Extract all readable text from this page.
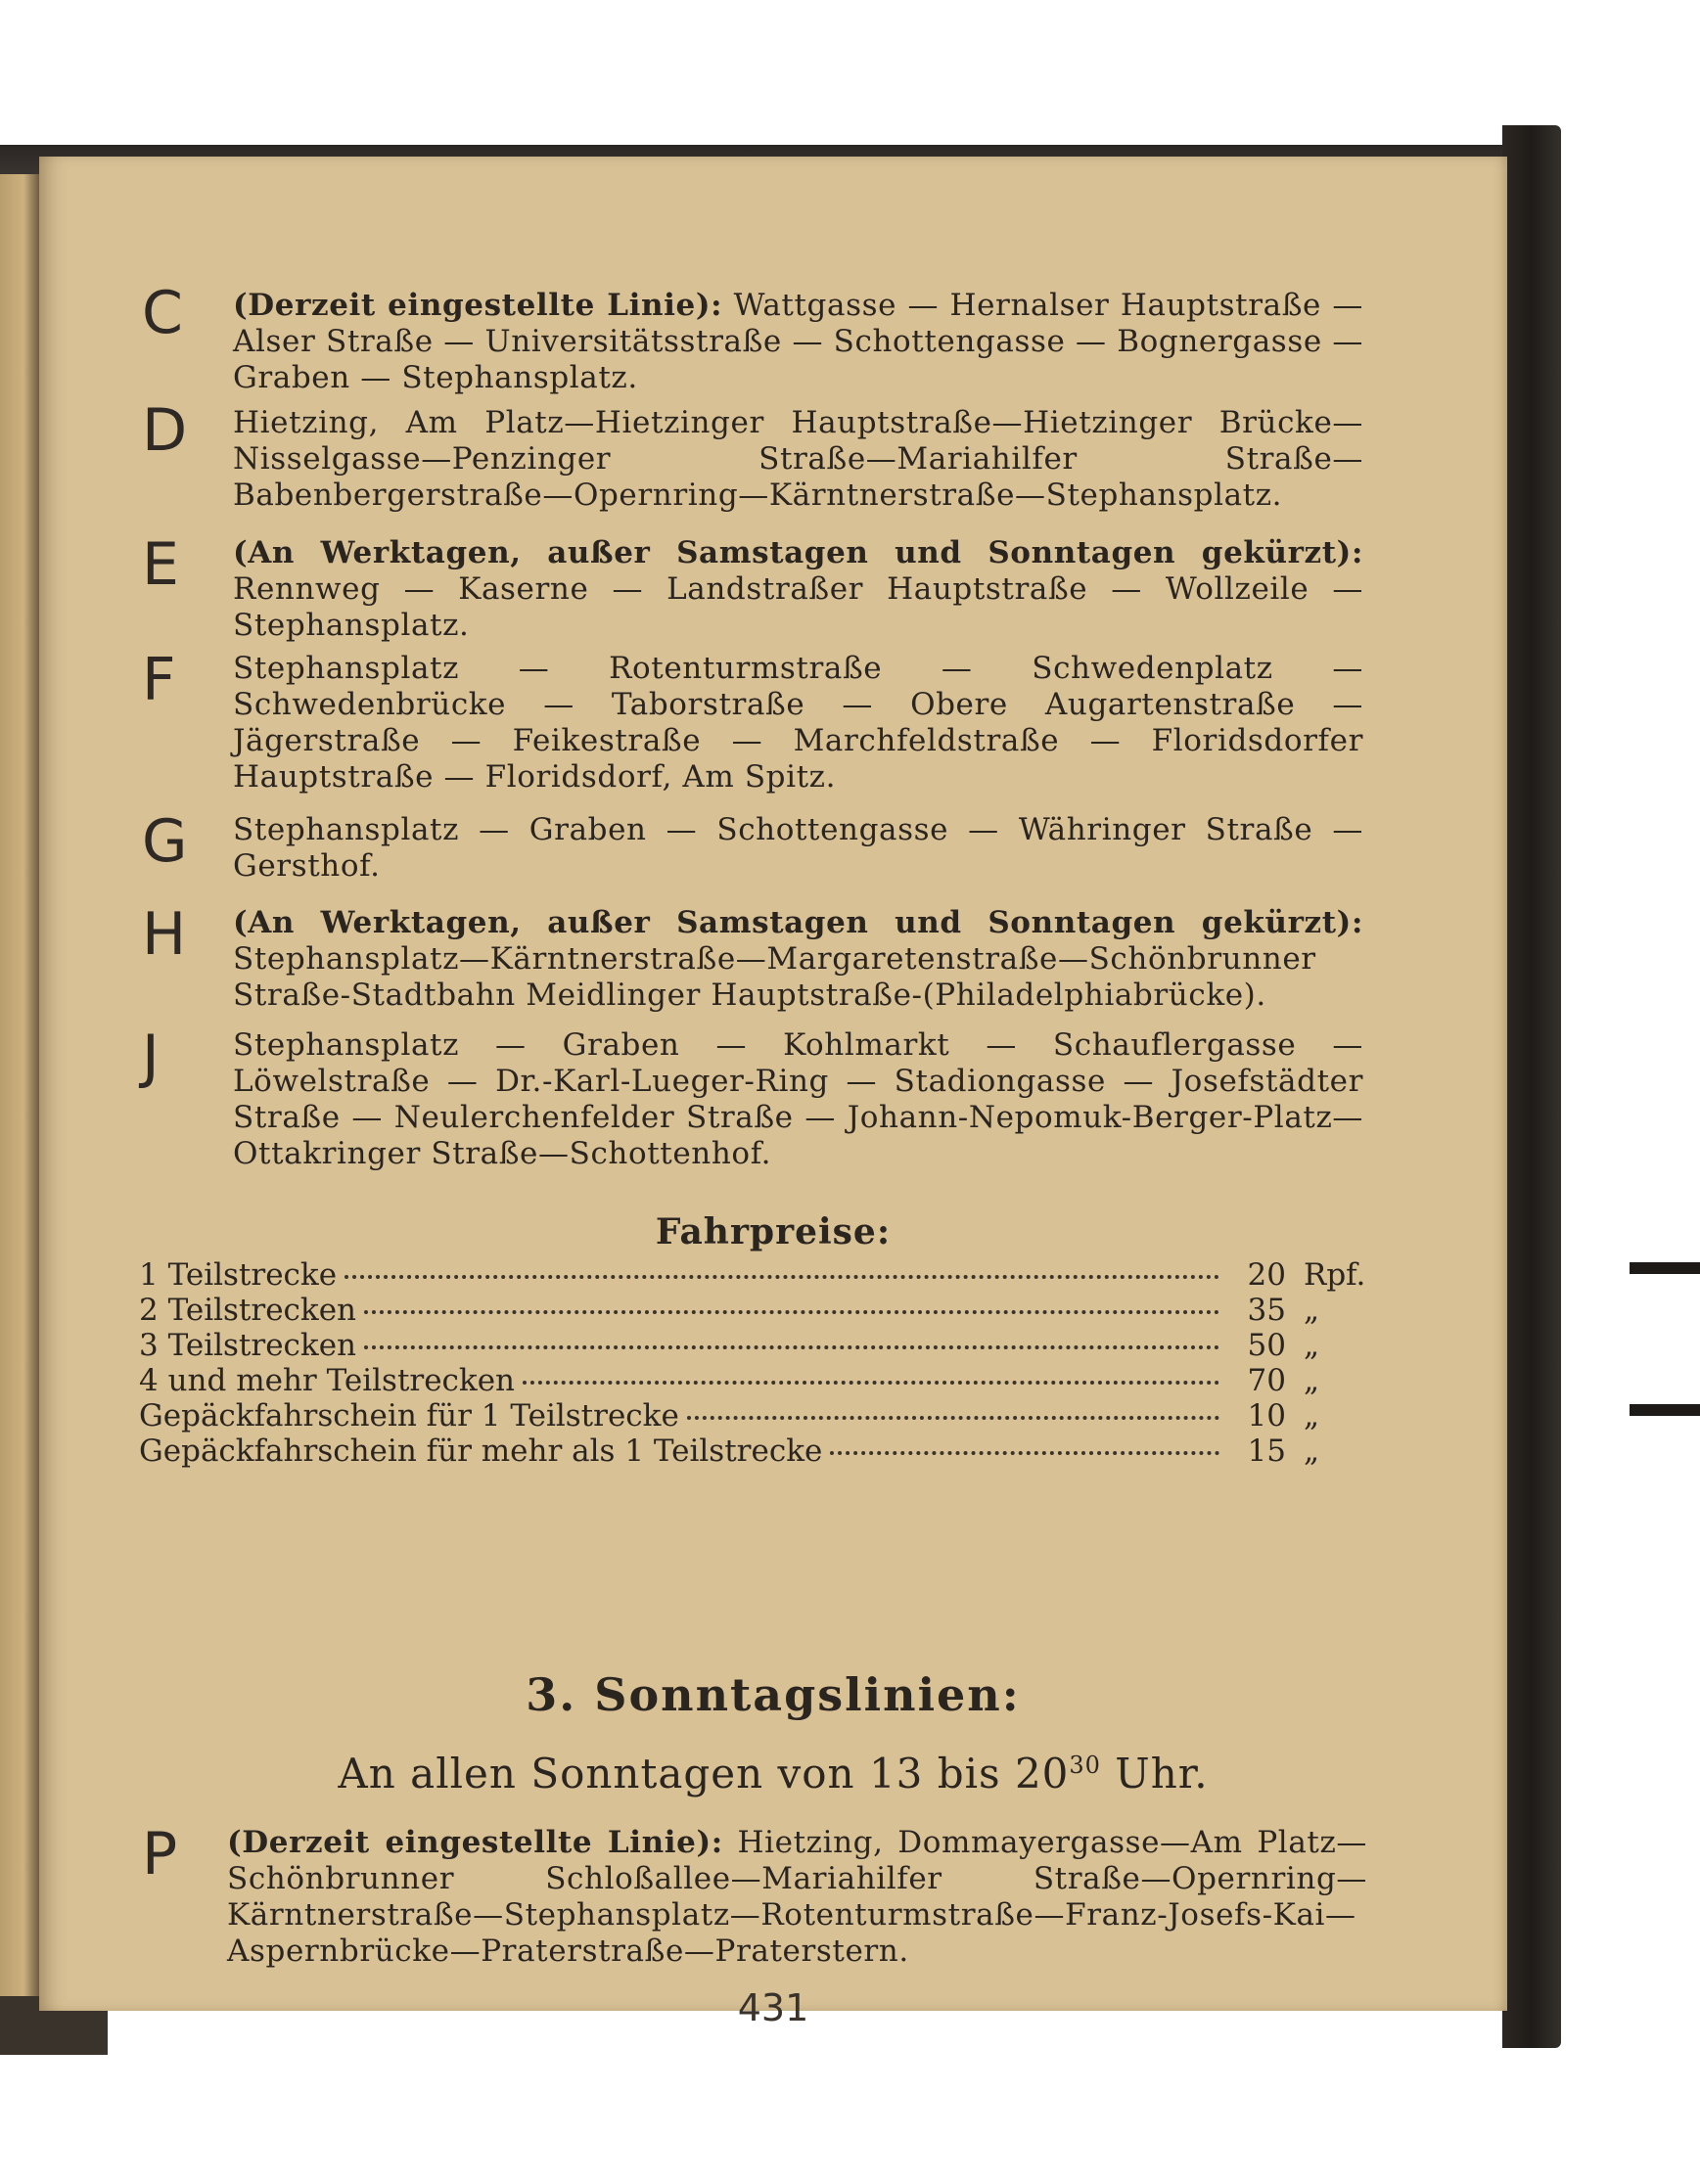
C (Derzeit eingestellte Linie): Wattgasse — Hernalser Hauptstraße — Alser Straße — Universitätsstraße — Schottengasse — Bognergasse — Graben — Stephansplatz.
D Hietzing, Am Platz—Hietzinger Hauptstraße—Hietzinger Brücke—Nisselgasse—Penzinger Straße—Mariahilfer Straße—Babenbergerstraße—Opernring—Kärntnerstraße—Stephansplatz.
E (An Werktagen, außer Samstagen und Sonntagen gekürzt): Rennweg — Kaserne — Landstraßer Hauptstraße — Wollzeile — Stephansplatz.
F Stephansplatz — Rotenturmstraße — Schwedenplatz — Schwedenbrücke — Taborstraße — Obere Augartenstraße — Jägerstraße — Feikestraße — Marchfeldstraße — Floridsdorfer Hauptstraße — Floridsdorf, Am Spitz.
G Stephansplatz — Graben — Schottengasse — Währinger Straße — Gersthof.
H (An Werktagen, außer Samstagen und Sonntagen gekürzt): Stephansplatz—Kärntnerstraße—Margaretenstraße—Schönbrunner Straße-Stadtbahn Meidlinger Hauptstraße-(Philadelphiabrücke).
J Stephansplatz — Graben — Kohlmarkt — Schauflergasse — Löwelstraße — Dr.-Karl-Lueger-Ring — Stadiongasse — Josefstädter Straße — Neulerchenfelder Straße — Johann-Nepomuk-Berger-Platz—Ottakringer Straße—Schottenhof.
Fahrpreise:
1 Teilstrecke	20 Rpf.
2 Teilstrecken	35 „
3 Teilstrecken	50 „
4 und mehr Teilstrecken	70 „
Gepäckfahrschein für 1 Teilstrecke	10 „
Gepäckfahrschein für mehr als 1 Teilstrecke	15 „
3. Sonntagslinien:
An allen Sonntagen von 13 bis $20^{30}$ Uhr.
P (Derzeit eingestellte Linie): Hietzing, Dommayergasse—Am Platz—Schönbrunner Schloßallee—Mariahilfer Straße—Opernring—Kärntnerstraße—Stephansplatz—Rotenturmstraße—Franz-Josefs-Kai—Aspernbrücke—Praterstraße—Praterstern.
431
